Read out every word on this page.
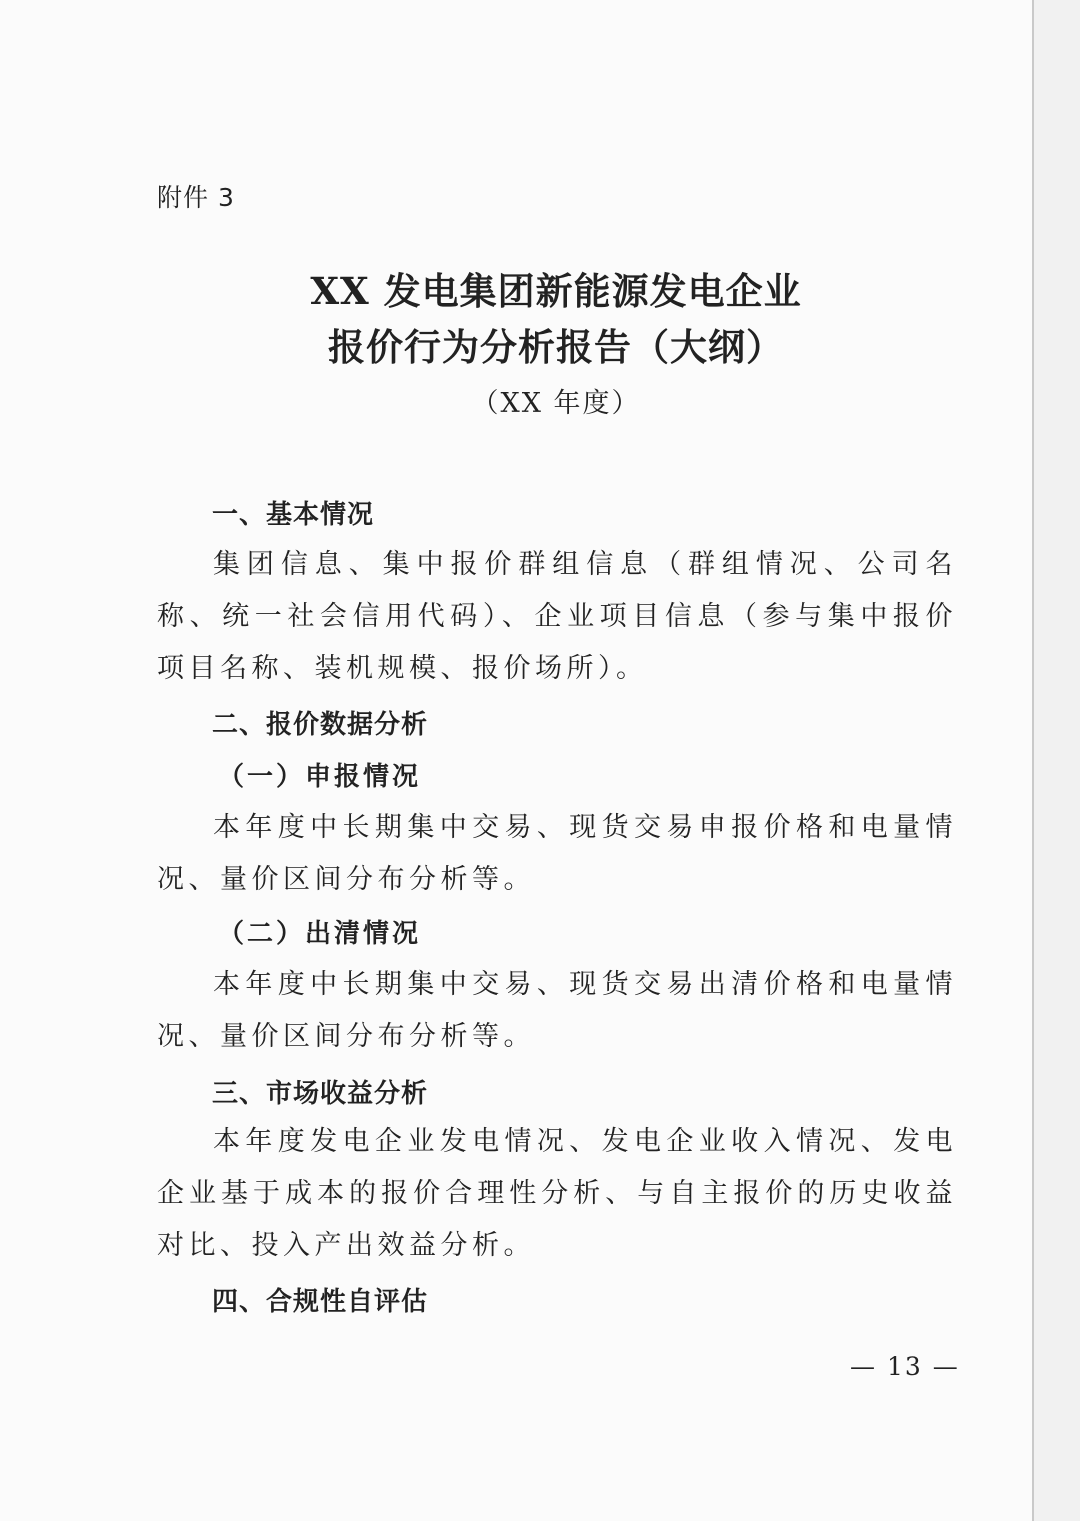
附件 3
XX 发电集团新能源发电企业
报价行为分析报告（大纲）
（XX 年度）
一、基本情况

集团信息、集中报价群组信息（群组情况、公司名称、统一社会信用代码）、企业项目信息（参与集中报价项目名称、装机规模、报价场所）。

二、报价数据分析
（一）申报情况

本年度中长期集中交易、现货交易申报价格和电量情况、量价区间分布分析等。

（二）出清情况

本年度中长期集中交易、现货交易出清价格和电量情况、量价区间分布分析等。

三、市场收益分析

本年度发电企业发电情况、发电企业收入情况、发电企业基于成本的报价合理性分析、与自主报价的历史收益对比、投入产出效益分析。

四、合规性自评估
— 13 —
